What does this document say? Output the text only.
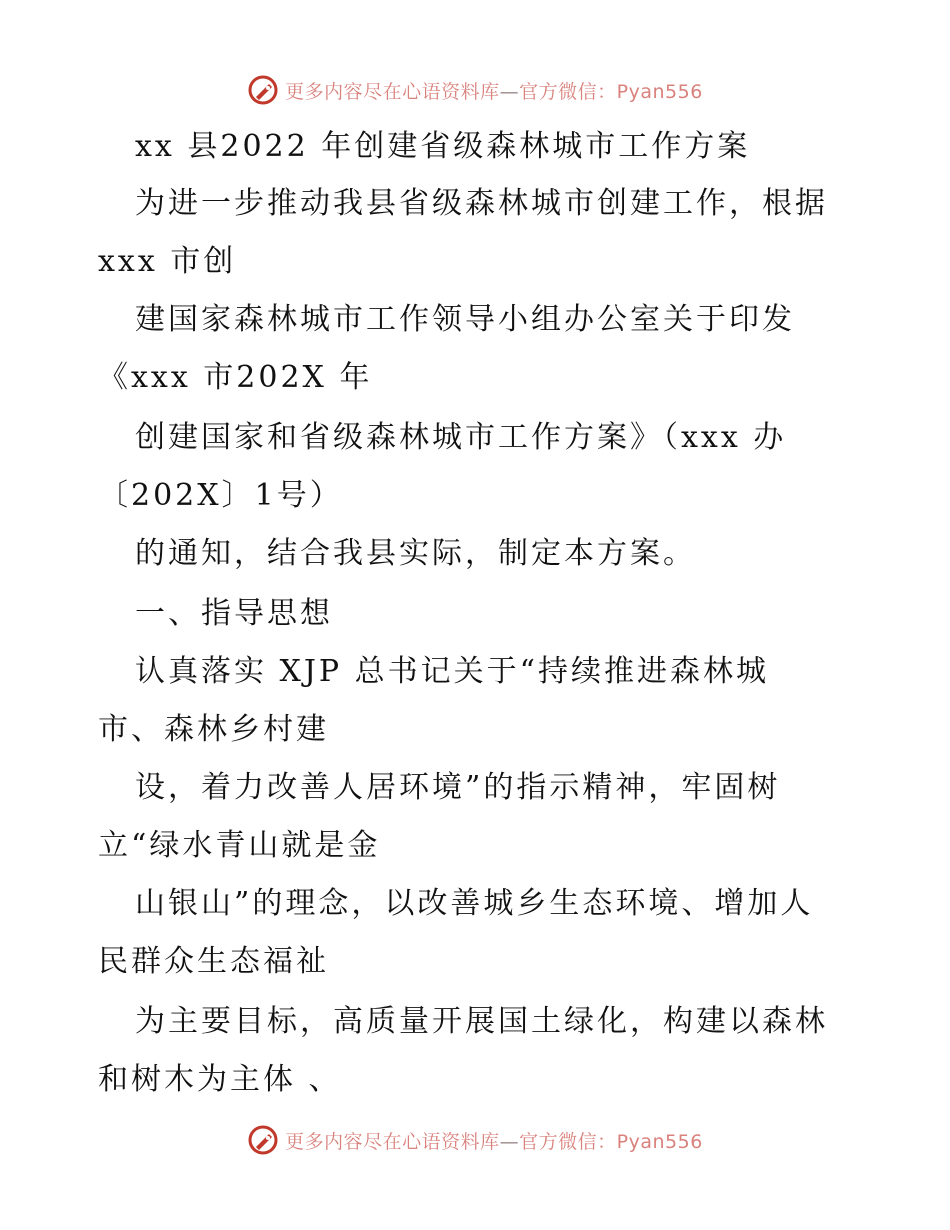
更多内容尽在心语资料库—官方微信：Pyan556
xx 县2022 年创建省级森林城市工作方案
为进一步推动我县省级森林城市创建工作，根据
xxx 市创
建国家森林城市工作领导小组办公室关于印发
《xxx 市202X 年
创建国家和省级森林城市工作方案》（xxx 办
〔202X〕1号）
的通知，结合我县实际，制定本方案。
一、指导思想
认真落实 XJP 总书记关于“持续推进森林城
市、森林乡村建
设，着力改善人居环境”的指示精神，牢固树
立“绿水青山就是金
山银山”的理念，以改善城乡生态环境、增加人
民群众生态福祉
为主要目标，高质量开展国土绿化，构建以森林
和树木为主体 、
更多内容尽在心语资料库—官方微信：Pyan556
